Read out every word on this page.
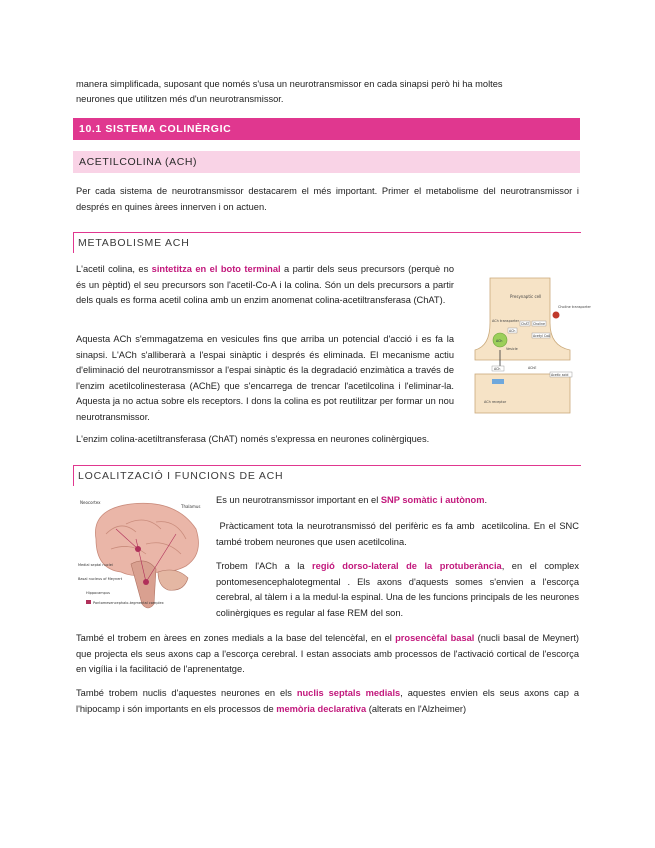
manera simplificada, suposant que només s'usa un neurotransmissor en cada sinapsi però hi ha moltes
neurones que utilitzen més d'un neurotransmissor.
10.1 SISTEMA COLINÈRGIC
ACETILCOLINA (ACH)
Per cada sistema de neurotransmissor destacarem el més important. Primer el metabolisme del neurotransmissor i després en quines àrees innerven i on actuen.
METABOLISME ACH
L'acetil colina, es sintetitza en el boto terminal a partir dels seus precursors (perquè no és un pèptid) el seu precursors son l'acetil-Co-A i la colina. Són un dels precursors a partir dels quals es forma acetil colina amb un enzim anomenat colina-acetiltransferasa (ChAT).
Aquesta ACh s'emmagatzema en vesicules fins que arriba un potencial d'acció i es fa la sinapsi. L'ACh s'alliberarà a l'espai sinàptic i després és eliminada. El mecanisme actiu d'eliminació del neurotransmissor a l'espai sinàptic és la degradació enzimàtica a través de l'enzim acetilcolinesterasa (AChE) que s'encarrega de trencar l'acetilcolina i l'eliminar-la. Aquesta ja no actua sobre els receptors. I dons la colina es pot reutilitzar per formar un nou neurotransmissor.
L'enzim colina-acetiltransferasa (ChAT) només s'expressa en neurones colinèrgiques.
Presynaptic cell
Choline transporter
ACh transporter
ChAT Choline
ACh
Acetyl CoA
ACh
Vesicle
ACh	AChE
Acetic acid
ACh receptor
LOCALITZACIÓ I FUNCIONS DE ACH
Neocortex
Thalamus
Medial septal nuclei
Basal nucleus of Meynert
Hippocampus
Pontomesencephalo-tegmental complex
Es un neurotransmissor important en el SNP somàtic i autònom.
Pràcticament tota la neurotransmissó del perifèric es fa amb  acetilcolina. En el SNC també trobem neurones que usen acetilcolina.
Trobem l'ACh a la regió dorso-lateral de la protuberància, en el complex pontomesencephalotegmental . Els axons d'aquests somes s'envien a l'escorça cerebral, al tàlem i a la medul·la espinal. Una de les funcions principals de les neurones colinèrgiques es regular al fase REM del son.
També el trobem en àrees en zones medials a la base del telencèfal, en el prosencèfal basal (nucli basal de Meynert) que projecta els seus axons cap a l'escorça cerebral. I estan associats amb processos de l'activació cortical de l'escorça en vigília i la facilitació de l'aprenentatge.
També trobem nuclis d'aquestes neurones en els nuclis septals medials, aquestes envien els seus axons cap a l'hipocamp i són importants en els processos de memòria declarativa (alterats en l'Alzheimer)
